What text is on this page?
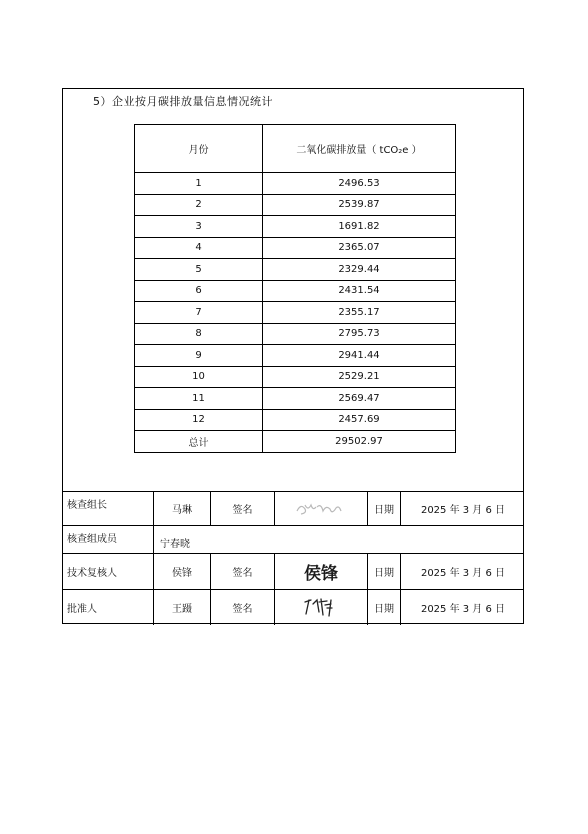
5）企业按月碳排放量信息情况统计
月份	二氧化碳排放量（ tCO₂e ）
1	2496.53
2	2539.87
3	1691.82
4	2365.07
5	2329.44
6	2431.54
7	2355.17
8	2795.73
9	2941.44
10	2529.21
11	2569.47
12	2457.69
总计	29502.97
核查组长	马琳	签名	日期	2025 年 3 月 6 日
核查组成员	宁春晓
技术复核人	侯锋	签名	侯锋	日期	2025 年 3 月 6 日
批准人	王蹑	签名	日期	2025 年 3 月 6 日
